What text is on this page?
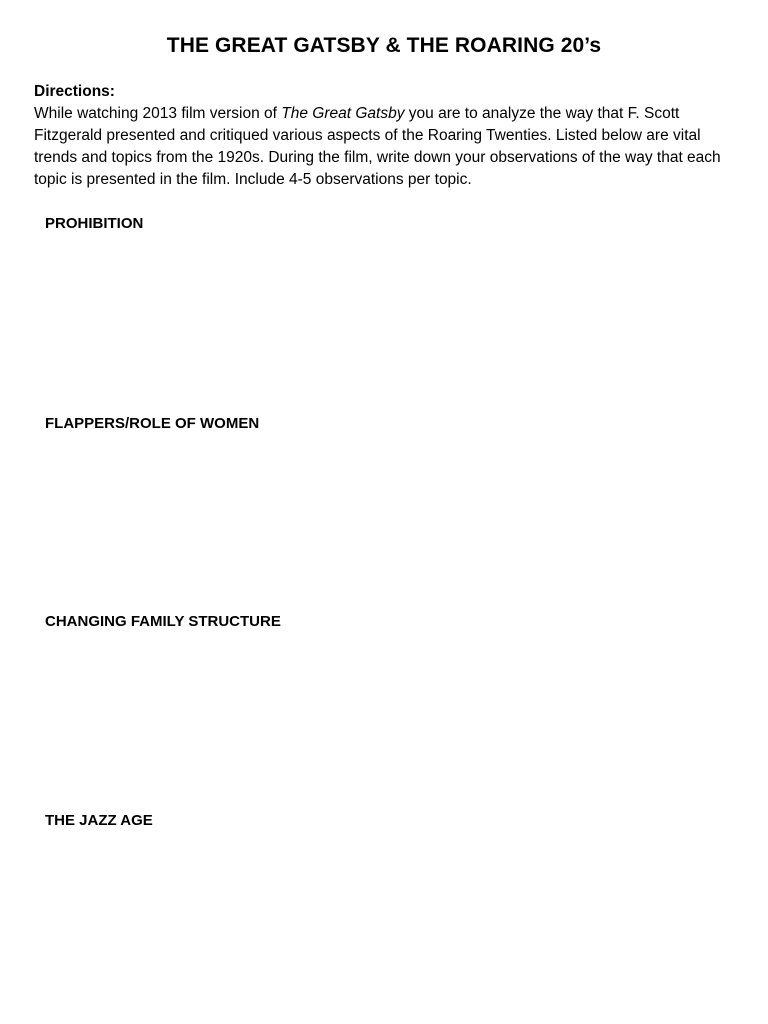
THE GREAT GATSBY & THE ROARING 20’s
Directions:
While watching 2013 film version of The Great Gatsby you are to analyze the way that F. Scott Fitzgerald presented and critiqued various aspects of the Roaring Twenties. Listed below are vital trends and topics from the 1920s. During the film, write down your observations of the way that each topic is presented in the film. Include 4-5 observations per topic.
PROHIBITION
FLAPPERS/ROLE OF WOMEN
CHANGING FAMILY STRUCTURE
THE JAZZ AGE
